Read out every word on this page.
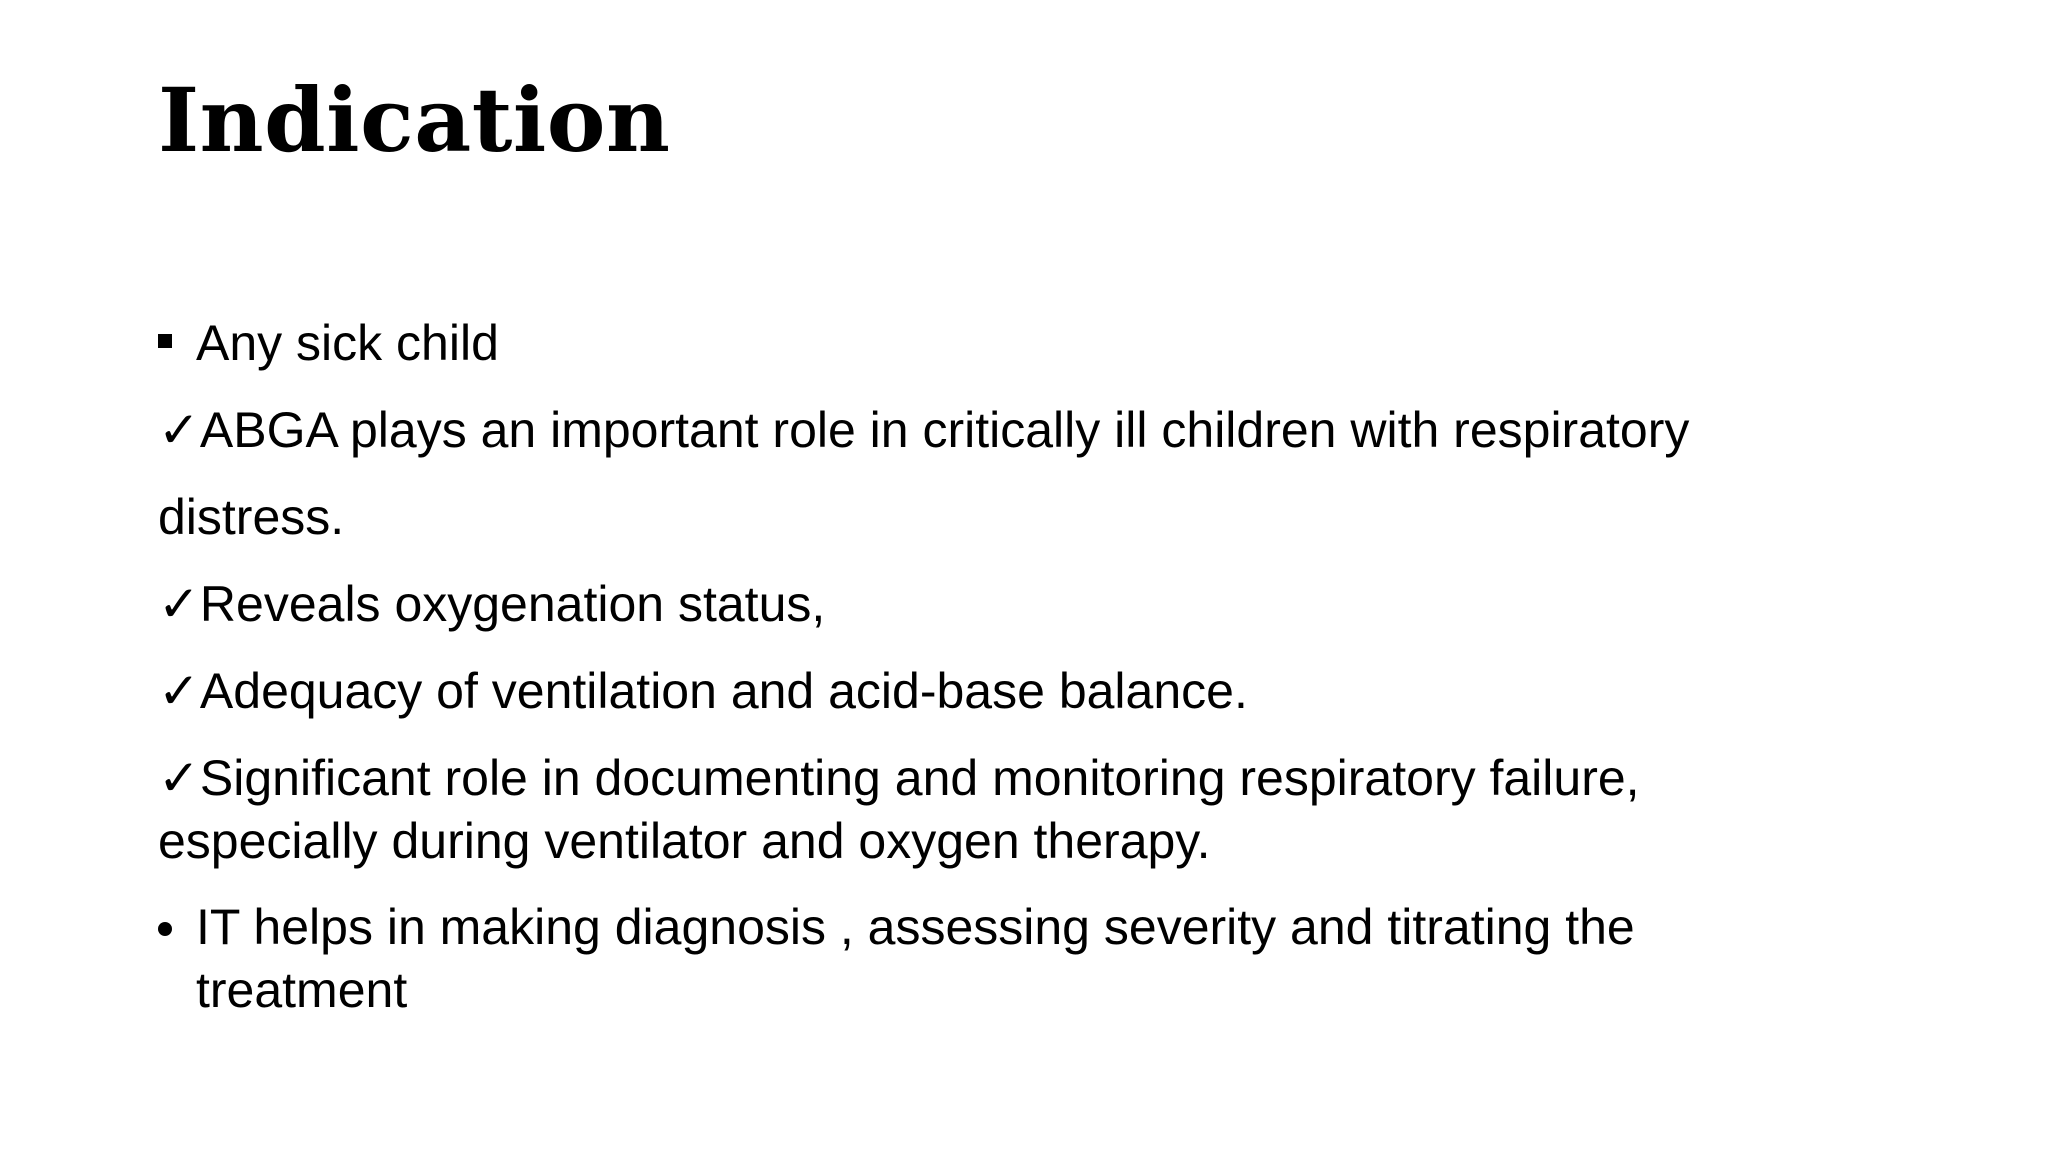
Indication
Any sick child

✓ABGA plays an important role in critically ill children with respiratory

distress.

✓Reveals oxygenation status,

✓Adequacy of ventilation and acid-base balance.

✓Significant role in documenting and monitoring respiratory failure,

especially during ventilator and oxygen therapy.

IT helps in making diagnosis , assessing severity and titrating the

treatment
